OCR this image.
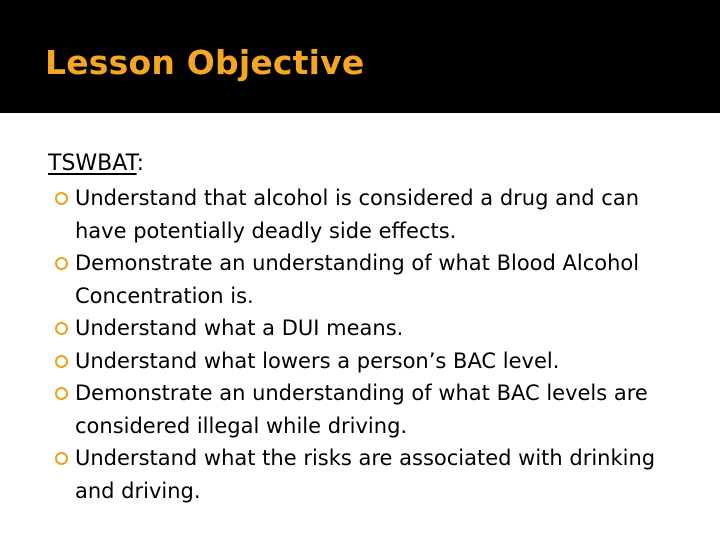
Lesson Objective
TSWBAT:
Understand that alcohol is considered a drug and can have potentially deadly side effects.
Demonstrate an understanding of what Blood Alcohol Concentration is.
Understand what a DUI means.
Understand what lowers a person’s BAC level.
Demonstrate an understanding of what BAC levels are considered illegal while driving.
Understand what the risks are associated with drinking and driving.
